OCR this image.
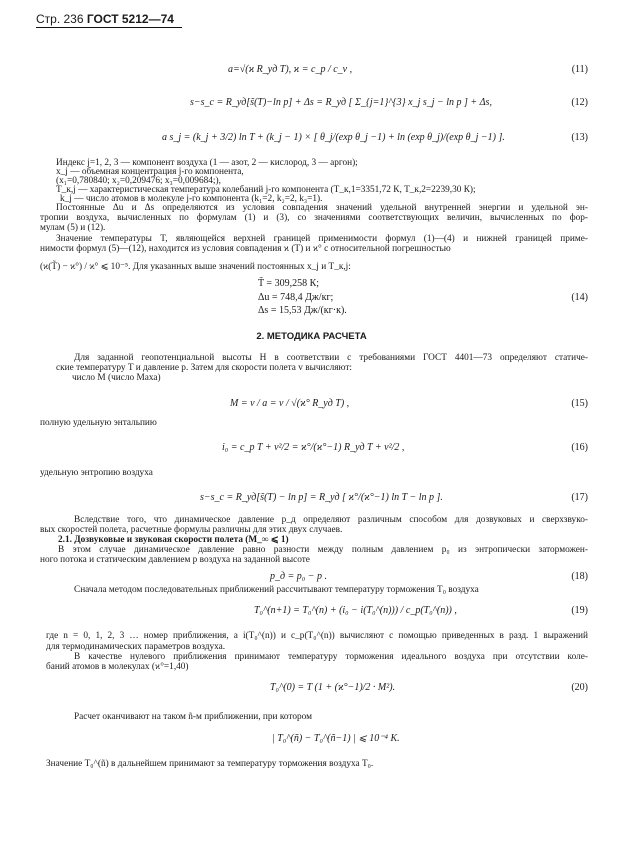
Стр. 236 ГОСТ 5212—74
a=√(ϰ R_уд T), ϰ = c_p / c_v ,	(11)
s−s_c = R_уд[s̃(T)−ln p] + Δs = R_уд [ Σ_{j=1}^{3} x_j s_j − ln p ] + Δs,	(12)
a s_j = (k_j + 3/2) ln T + (k_j − 1) × [ θ_j/(exp θ_j −1) + ln (exp θ_j)/(exp θ_j −1) ].	(13)
Индекс j=1, 2, 3 — компонент воздуха (1 — азот, 2 — кислород, 3 — аргон);
x_j — объемная концентрация j-го компонента,
(x₁=0,780840; x₂=0,209476; x₃=0,009684;),
T_к,j — характеристическая температура колебаний j-го компонента (T_к,1=3351,72 К, T_к,2=2239,30 К);
k_j — число атомов в молекуле j-го компонента (k₁=2, k₂=2, k₃=1).
Постоянные Δu и Δs определяются из условия совпадения значений удельной внутренней энергии и удельной эн-
тропии воздуха, вычисленных по формулам (1) и (3), со значениями соответствующих величин, вычисленных по фор-
мулам (5) и (12).
Значение температуры T, являющейся верхней границей применимости формул (1)—(4) и нижней границей приме-
нимости формул (5)—(12), находится из условия совпадения ϰ (T) и ϰ° с относительной погрешностью
(ϰ(T̃) − ϰ°) / ϰ° ⩽ 10⁻⁵. Для указанных выше значений постоянных x_j и T_к,j:
T̃ = 309,258 К;
Δu = 748,4 Дж/кг;
Δs = 15,53 Дж/(кг·к).
(14)
2. МЕТОДИКА РАСЧЕТА
Для заданной геопотенциальной высоты H в соответствии с требованиями ГОСТ 4401—73 определяют статиче-
ские температуру T и давление p. Затем для скорости полета v вычисляют:
число M (число Маха)
M = v / a = v / √(ϰ° R_уд T) ,	(15)
полную удельную энтальпию
i₀ = c_p T + v²/2 = ϰ°/(ϰ°−1) R_уд T + v²/2 ,	(16)
удельную энтропию воздуха
s−s_c = R_уд[s̃(T) − ln p] = R_уд [ ϰ°/(ϰ°−1) ln T − ln p ].	(17)
Вследствие того, что динамическое давление p_д определяют различным способом для дозвуковых и сверхзвуко-
вых скоростей полета, расчетные формулы различны для этих двух случаев.
2.1. Дозвуковые и звуковая скорости полета (M_∞ ⩽ 1)
В этом случае динамическое давление равно разности между полным давлением p₀ из энтропически заторможен-
ного потока и статическим давлением p воздуха на заданной высоте
p_д = p₀ − p .	(18)
Сначала методом последовательных приближений рассчитывают температуру торможения T₀ воздуха
T₀^(n+1) = T₀^(n) + (i₀ − i(T₀^(n))) / c_p(T₀^(n)) ,	(19)
где n = 0, 1, 2, 3 … номер приближения, а i(T₀^(n)) и c_p(T₀^(n)) вычисляют с помощью приведенных в разд. 1 выражений
для термодинамических параметров воздуха.
В качестве нулевого приближения принимают температуру торможения идеального воздуха при отсутствии коле-
баний атомов в молекулах (ϰ°=1,40)
T₀^(0) = T (1 + (ϰ°−1)/2 · M²).	(20)
Расчет оканчивают на таком ñ-м приближении, при котором
| T₀^(ñ) − T₀^(ñ−1) | ⩽ 10⁻⁴ К.
Значение T₀^(ñ) в дальнейшем принимают за температуру торможения воздуха T₀.
